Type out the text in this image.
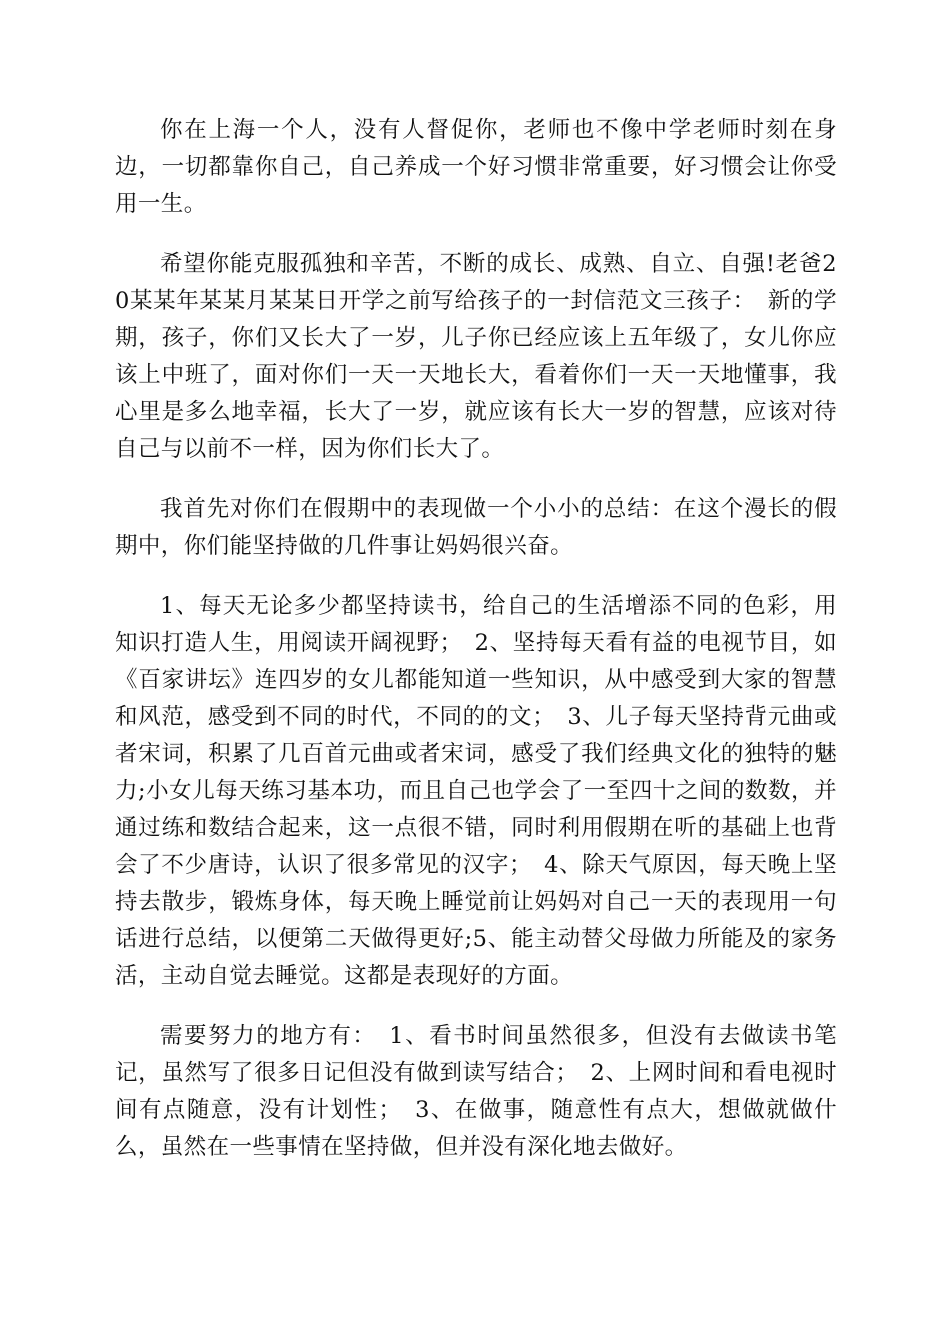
你在上海一个人，没有人督促你，老师也不像中学老师时刻在身边，一切都靠你自己，自己养成一个好习惯非常重要，好习惯会让你受用一生。

希望你能克服孤独和辛苦，不断的成长、成熟、自立、自强!老爸20某某年某某月某某日开学之前写给孩子的一封信范文三孩子：　新的学期，孩子，你们又长大了一岁，儿子你已经应该上五年级了，女儿你应该上中班了，面对你们一天一天地长大，看着你们一天一天地懂事，我心里是多么地幸福，长大了一岁，就应该有长大一岁的智慧，应该对待自己与以前不一样，因为你们长大了。

我首先对你们在假期中的表现做一个小小的总结：在这个漫长的假期中，你们能坚持做的几件事让妈妈很兴奋。

1、每天无论多少都坚持读书，给自己的生活增添不同的色彩，用知识打造人生，用阅读开阔视野；　2、坚持每天看有益的电视节目，如《百家讲坛》连四岁的女儿都能知道一些知识，从中感受到大家的智慧和风范，感受到不同的时代，不同的的文；　3、儿子每天坚持背元曲或者宋词，积累了几百首元曲或者宋词，感受了我们经典文化的独特的魅力;小女儿每天练习基本功，而且自己也学会了一至四十之间的数数，并通过练和数结合起来，这一点很不错，同时利用假期在听的基础上也背会了不少唐诗，认识了很多常见的汉字；　4、除天气原因，每天晚上坚持去散步，锻炼身体，每天晚上睡觉前让妈妈对自己一天的表现用一句话进行总结，以便第二天做得更好;5、能主动替父母做力所能及的家务活，主动自觉去睡觉。这都是表现好的方面。

需要努力的地方有：　1、看书时间虽然很多，但没有去做读书笔记，虽然写了很多日记但没有做到读写结合；　2、上网时间和看电视时间有点随意，没有计划性；　3、在做事，随意性有点大，想做就做什么，虽然在一些事情在坚持做，但并没有深化地去做好。
